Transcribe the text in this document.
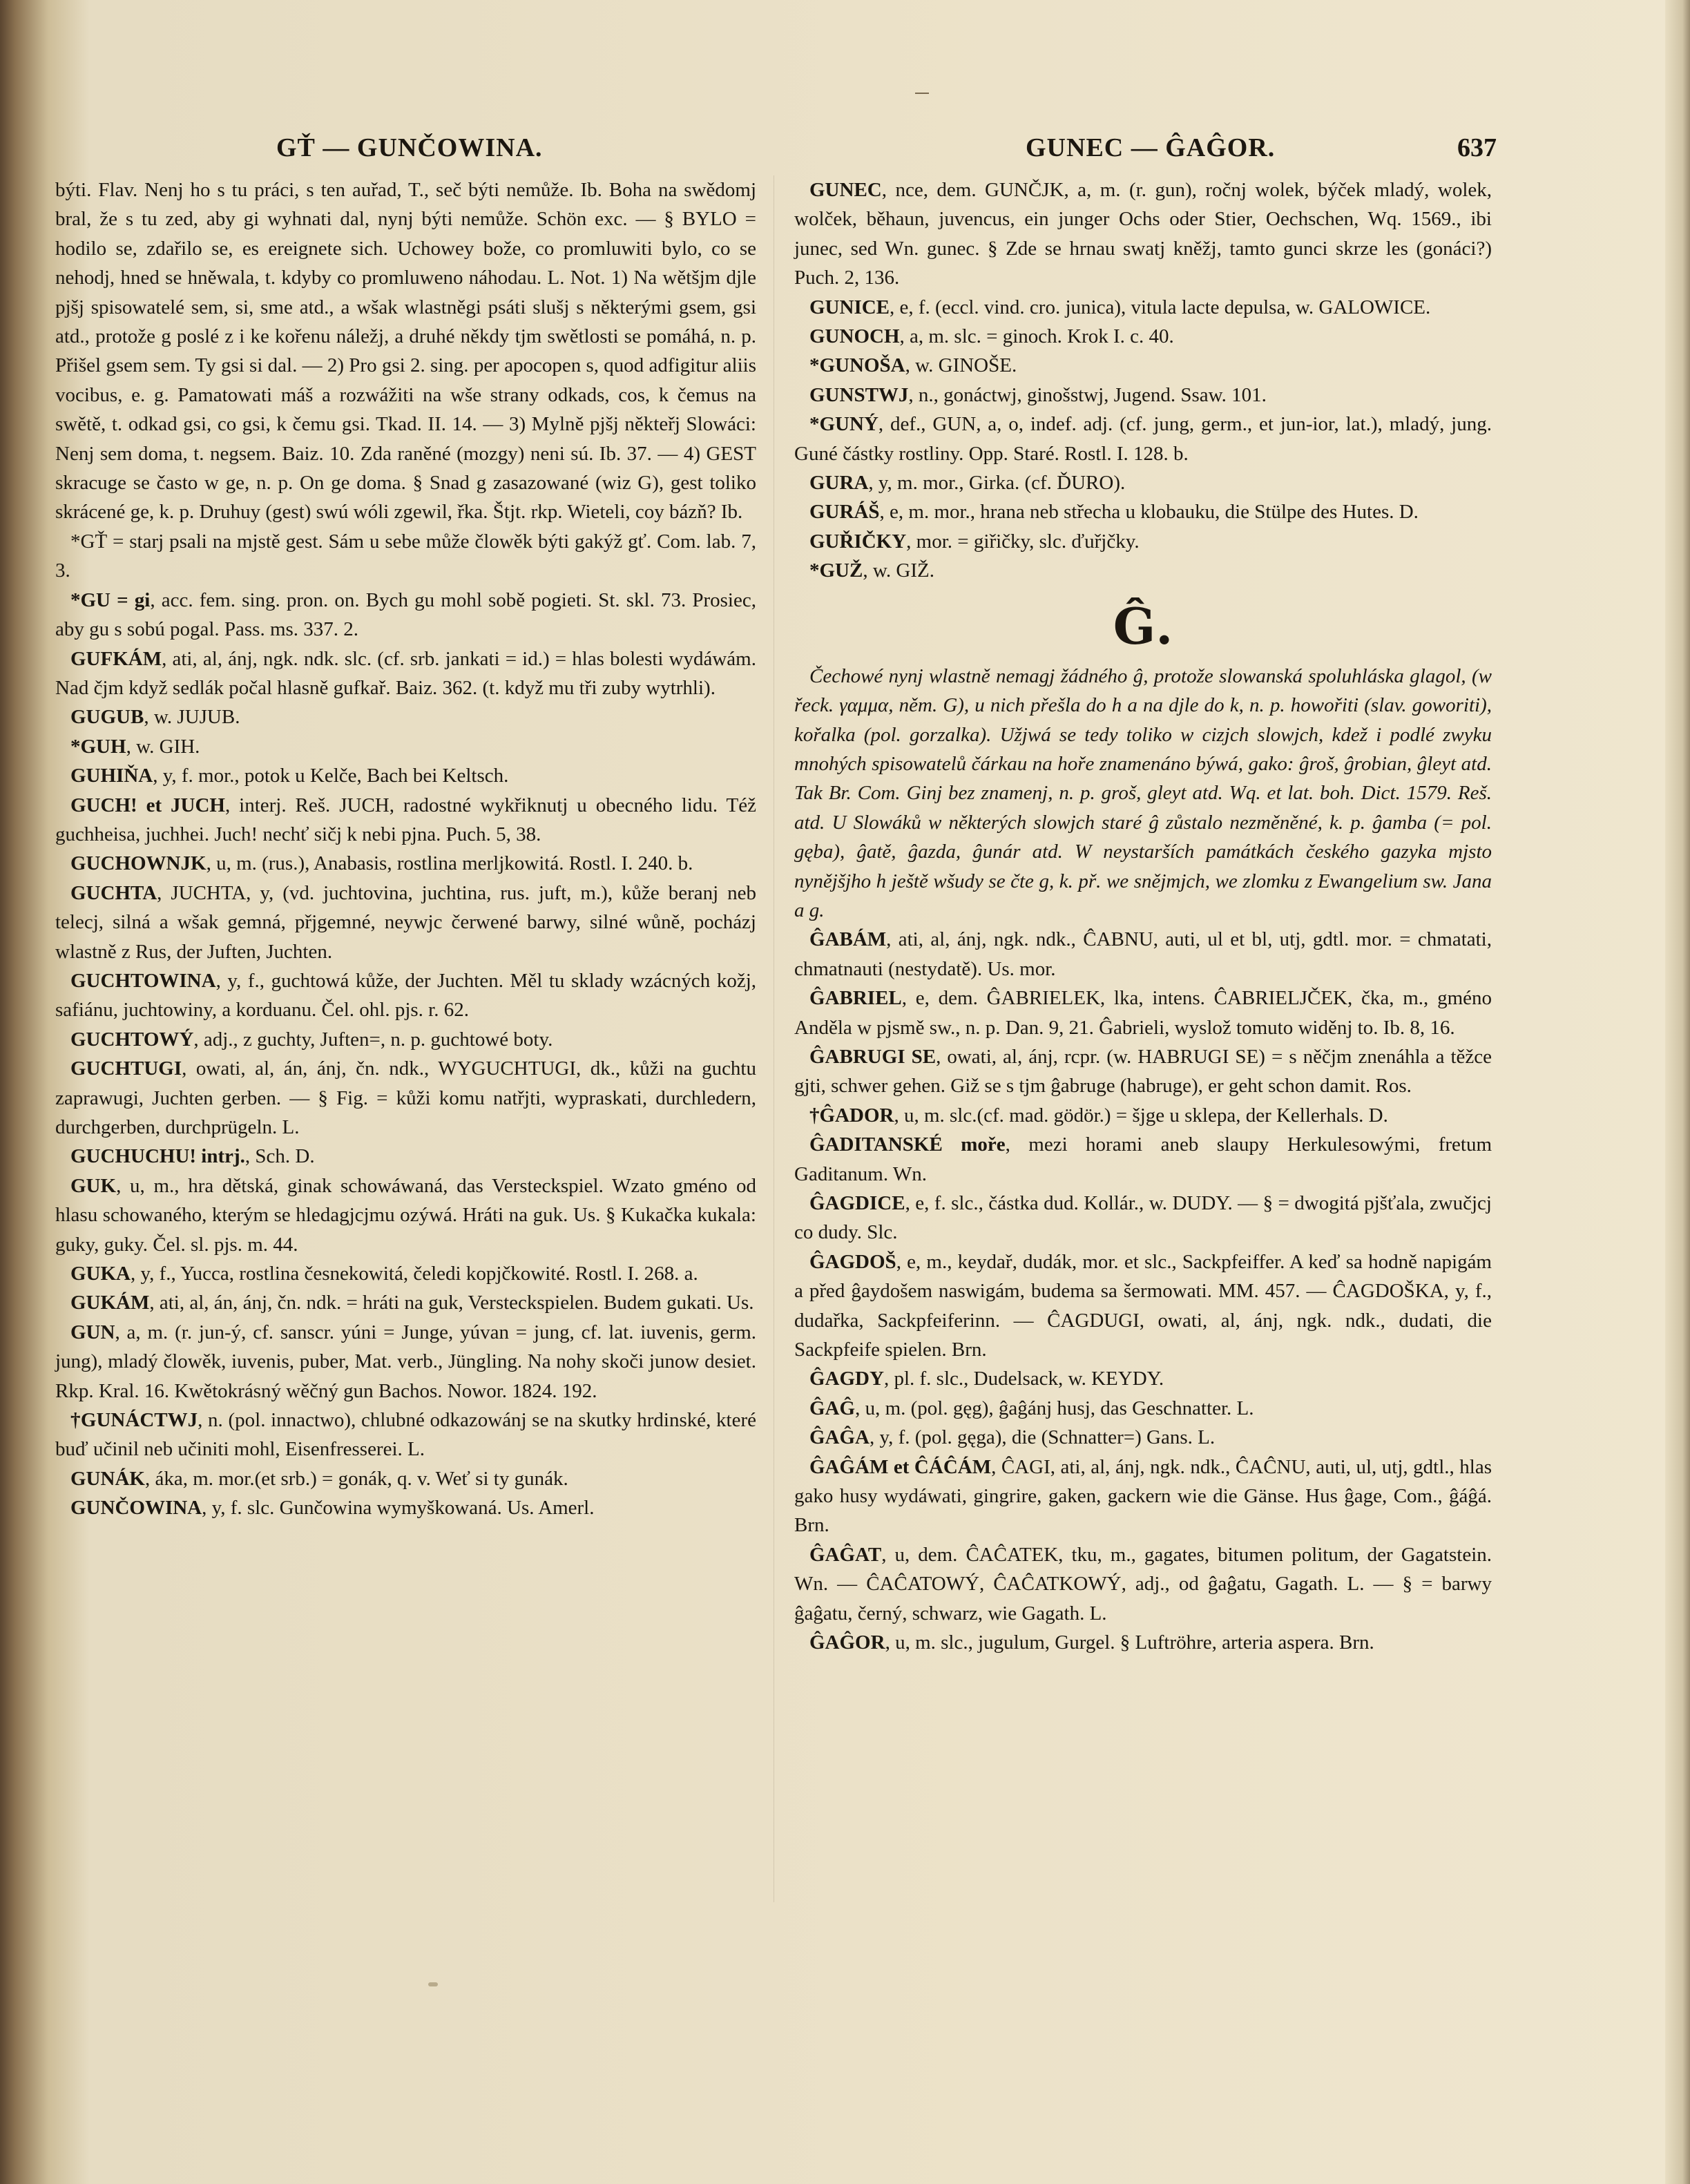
GŤ — GUNČOWINA.	GUNEC — ĜAĜOR.	637

býti. Flav. Nenj ho s tu práci, s ten auřad, T., seč býti nemůže. Ib. Boha na swědomj bral, že s tu zed, aby gi wyhnati dal, nynj býti nemůže. Schön exc. — § BYLO = hodilo se, zdařilo se, es ereignete sich. Uchowey bože, co promluwiti bylo, co se nehodj, hned se hněwala, t. kdyby co promluweno náhodau. L. Not. 1) Na wětšjm djle pjšj spisowatelé sem, si, sme atd., a wšak wlastněgi psáti slušj s některými gsem, gsi atd., protože g poslé z i ke kořenu náležj, a druhé někdy tjm swětlosti se pomáhá, n. p. Přišel gsem sem. Ty gsi si dal. — 2) Pro gsi 2. sing. per apocopen s, quod adfigitur aliis vocibus, e. g. Pamatowati máš a rozwážiti na wše strany odkads, cos, k čemus na swětě, t. odkad gsi, co gsi, k čemu gsi. Tkad. II. 14. — 3) Mylně pjšj někteřj Slowáci: Nenj sem doma, t. negsem. Baiz. 10. Zda raněné (mozgy) neni sú. Ib. 37. — 4) GEST skracuge se často w ge, n. p. On ge doma. § Snad g zasazowané (wiz G), gest toliko skrácené ge, k. p. Druhuy (gest) swú wóli zgewil, řka. Štjt. rkp. Wieteli, coy bázň? Ib.

*GŤ = starj psali na mjstě gest. Sám u sebe může člowěk býti gakýž gť. Com. lab. 7, 3.

*GU = gi, acc. fem. sing. pron. on. Bych gu mohl sobě pogieti. St. skl. 73. Prosiec, aby gu s sobú pogal. Pass. ms. 337. 2.

GUFKÁM, ati, al, ánj, ngk. ndk. slc. (cf. srb. jankati = id.) = hlas bolesti wydáwám. Nad čjm když sedlák počal hlasně gufkař. Baiz. 362. (t. když mu tři zuby wytrhli).

GUGUB, w. JUJUB.

*GUH, w. GIH.

GUHIŇA, y, f. mor., potok u Kelče, Bach bei Keltsch.

GUCH! et JUCH, interj. Reš. JUCH, radostné wykřiknutj u obecného lidu. Též guchheisa, juchhei. Juch! nechť sičj k nebi pjna. Puch. 5, 38.

GUCHOWNJK, u, m. (rus.), Anabasis, rostlina merljkowitá. Rostl. I. 240. b.

GUCHTA, JUCHTA, y, (vd. juchtovina, juchtina, rus. juft, m.), kůže beranj neb telecj, silná a wšak gemná, přjgemné, neywjc čerwené barwy, silné wůně, pocházj wlastně z Rus, der Juften, Juchten.

GUCHTOWINA, y, f., guchtowá kůže, der Juchten. Měl tu sklady wzácných kožj, safiánu, juchtowiny, a korduanu. Čel. ohl. pjs. r. 62.

GUCHTOWÝ, adj., z guchty, Juften=, n. p. guchtowé boty.

GUCHTUGI, owati, al, án, ánj, čn. ndk., WYGUCHTUGI, dk., kůži na guchtu zaprawugi, Juchten gerben. — § Fig. = kůži komu natřjti, wypraskati, durchledern, durchgerben, durchprügeln. L.

GUCHUCHU! intrj., Sch. D.

GUK, u, m., hra dětská, ginak schowáwaná, das Versteckspiel. Wzato gméno od hlasu schowaného, kterým se hledagjcjmu ozýwá. Hráti na guk. Us. § Kukačka kukala: guky, guky. Čel. sl. pjs. m. 44.

GUKA, y, f., Yucca, rostlina česnekowitá, čeledi kopjčkowité. Rostl. I. 268. a.

GUKÁM, ati, al, án, ánj, čn. ndk. = hráti na guk, Versteckspielen. Budem gukati. Us.

GUN, a, m. (r. jun-ý, cf. sanscr. yúni = Junge, yúvan = jung, cf. lat. iuvenis, germ. jung), mladý člowěk, iuvenis, puber, Mat. verb., Jüngling. Na nohy skoči junow desiet. Rkp. Kral. 16. Kwětokrásný wěčný gun Bachos. Nowor. 1824. 192.

†GUNÁCTWJ, n. (pol. innactwo), chlubné odkazowánj se na skutky hrdinské, které buď učinil neb učiniti mohl, Eisenfresserei. L.

GUNÁK, áka, m. mor.(et srb.) = gonák, q. v. Weť si ty gunák.

GUNČOWINA, y, f. slc. Gunčowina wymyškowaná. Us. Amerl.

GUNEC, nce, dem. GUNČJK, a, m. (r. gun), ročnj wolek, býček mladý, wolek, wolček, běhaun, juvencus, ein junger Ochs oder Stier, Oechschen, Wq. 1569., ibi junec, sed Wn. gunec. § Zde se hrnau swatj kněžj, tamto gunci skrze les (gonáci?) Puch. 2, 136.

GUNICE, e, f. (eccl. vind. cro. junica), vitula lacte depulsa, w. GALOWICE.

GUNOCH, a, m. slc. = ginoch. Krok I. c. 40.

*GUNOŠA, w. GINOŠE.

GUNSTWJ, n., gonáctwj, ginošstwj, Jugend. Ssaw. 101.

*GUNÝ, def., GUN, a, o, indef. adj. (cf. jung, germ., et jun-ior, lat.), mladý, jung. Guné částky rostliny. Opp. Staré. Rostl. I. 128. b.

GURA, y, m. mor., Girka. (cf. ĎURO).

GURÁŠ, e, m. mor., hrana neb střecha u klobauku, die Stülpe des Hutes. D.

GUŘIČKY, mor. = giřičky, slc. ďuřjčky.

*GUŽ, w. GIŽ.

Ĝ.

Čechowé nynj wlastně nemagj žádného ĝ, protože slowanská spoluhláska glagol, (w řeck. γαμμα, něm. G), u nich přešla do h a na djle do k, n. p. howořiti (slav. goworiti), kořalka (pol. gorzalka). Užjwá se tedy toliko w cizjch slowjch, kdež i podlé zwyku mnohých spisowatelů čárkau na hoře znamenáno býwá, gako: ĝroš, ĝrobian, ĝleyt atd. Tak Br. Com. Ginj bez znamenj, n. p. groš, gleyt atd. Wq. et lat. boh. Dict. 1579. Reš. atd. U Slowáků w některých slowjch staré ĝ zůstalo nezměněné, k. p. ĝamba (= pol. gęba), ĝatě, ĝazda, ĝunár atd. W neystarších památkách českého gazyka mjsto nynějšjho h ještě wšudy se čte g, k. př. we snějmjch, we zlomku z Ewangelium sw. Jana a g.

ĜABÁM, ati, al, ánj, ngk. ndk., ĈABNU, auti, ul et bl, utj, gdtl. mor. = chmatati, chmatnauti (nestydatě). Us. mor.

ĜABRIEL, e, dem. ĜABRIELEK, lka, intens. ĈABRIELJČEK, čka, m., gméno Anděla w pjsmě sw., n. p. Dan. 9, 21. Ĝabrieli, wyslož tomuto widěnj to. Ib. 8, 16.

ĜABRUGI SE, owati, al, ánj, rcpr. (w. HABRUGI SE) = s něčjm znenáhla a těžce gjti, schwer gehen. Giž se s tjm ĝabruge (habruge), er geht schon damit. Ros.

†ĜADOR, u, m. slc.(cf. mad. gödör.) = šjge u sklepa, der Kellerhals. D.

ĜADITANSKÉ moře, mezi horami aneb slaupy Herkulesowými, fretum Gaditanum. Wn.

ĜAGDICE, e, f. slc., částka dud. Kollár., w. DUDY. — § = dwogitá pjšťala, zwučjcj co dudy. Slc.

ĜAGDOŠ, e, m., keydař, dudák, mor. et slc., Sackpfeiffer. A keď sa hodně napigám a před ĝaydošem naswigám, budema sa šermowati. MM. 457. — ĈAGDOŠKA, y, f., dudařka, Sackpfeiferinn. — ĈAGDUGI, owati, al, ánj, ngk. ndk., dudati, die Sackpfeife spielen. Brn.

ĜAGDY, pl. f. slc., Dudelsack, w. KEYDY.

ĜAĜ, u, m. (pol. gęg), ĝaĝánj husj, das Geschnatter. L.

ĜAĜA, y, f. (pol. gęga), die (Schnatter=) Gans. L.

ĜAĜÁM et ĈÁĈÁM, ĈAGI, ati, al, ánj, ngk. ndk., ĈAĈNU, auti, ul, utj, gdtl., hlas gako husy wydáwati, gingrire, gaken, gackern wie die Gänse. Hus ĝage, Com., ĝáĝá. Brn.

ĜAĜAT, u, dem. ĈAĈATEK, tku, m., gagates, bitumen politum, der Gagatstein. Wn. — ĈAĈATOWÝ, ĈAĈATKOWÝ, adj., od ĝaĝatu, Gagath. L. — § = barwy ĝaĝatu, černý, schwarz, wie Gagath. L.

ĜAĜOR, u, m. slc., jugulum, Gurgel. § Luftröhre, arteria aspera. Brn.
